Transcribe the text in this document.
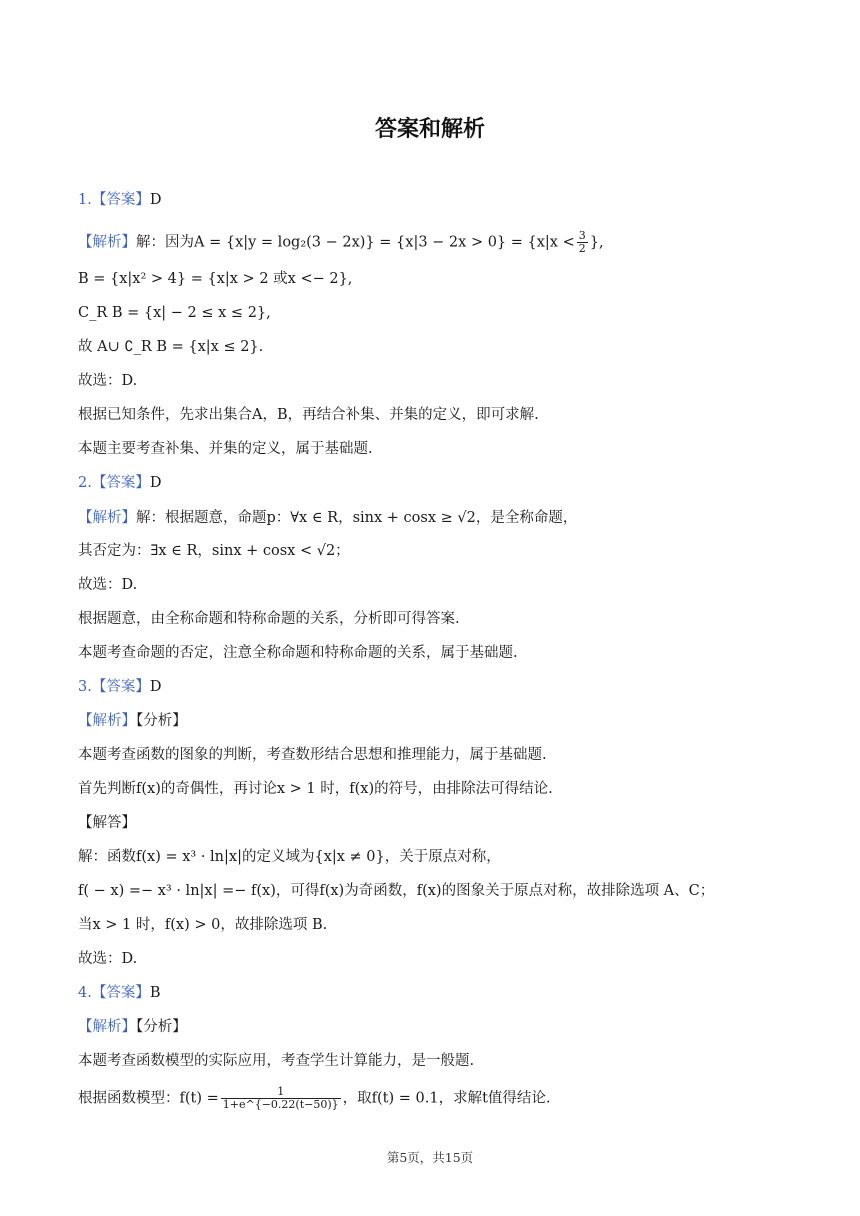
答案和解析
1.【答案】D
【解析】解：因为$A = \{x|y = \log_2(3 - 2x)\} = \{x|3 - 2x > 0\} = \{x|x < \frac{3}{2}$ },
B = {x|x² > 4} = {x|x > 2 或x <− 2},
C_R B = {x| − 2 ≤ x ≤ 2},
故 A∪ ∁_R B = {x|x ≤ 2}.
故选：D.
根据已知条件，先求出集合A，B，再结合补集、并集的定义，即可求解.
本题主要考查补集、并集的定义，属于基础题.
2.【答案】D
【解析】解：根据题意，命题p：∀x ∈ R，sinx + cosx ≥ √2，是全称命题，
其否定为：∃x ∈ R，sinx + cosx < √2；
故选：D.
根据题意，由全称命题和特称命题的关系，分析即可得答案.
本题考查命题的否定，注意全称命题和特称命题的关系，属于基础题.
3.【答案】D
【解析】【分析】
本题考查函数的图象的判断，考查数形结合思想和推理能力，属于基础题.
首先判断f(x)的奇偶性，再讨论x > 1 时，f(x)的符号，由排除法可得结论.
【解答】
解：函数f(x) = x³ · ln|x|的定义域为{x|x ≠ 0}，关于原点对称，
f( − x) =− x³ · ln|x| =− f(x)，可得f(x)为奇函数，f(x)的图象关于原点对称，故排除选项 A、C；
当x > 1 时，f(x) > 0，故排除选项 B.
故选：D.
4.【答案】B
【解析】【分析】
本题考查函数模型的实际应用，考查学生计算能力，是一般题.
根据函数模型：$f(t) = \frac{1}{1+e\^{}\{-0.22(t-50)\}}$ ，取f(t) = 0.1，求解t值得结论.
第5页，共15页
